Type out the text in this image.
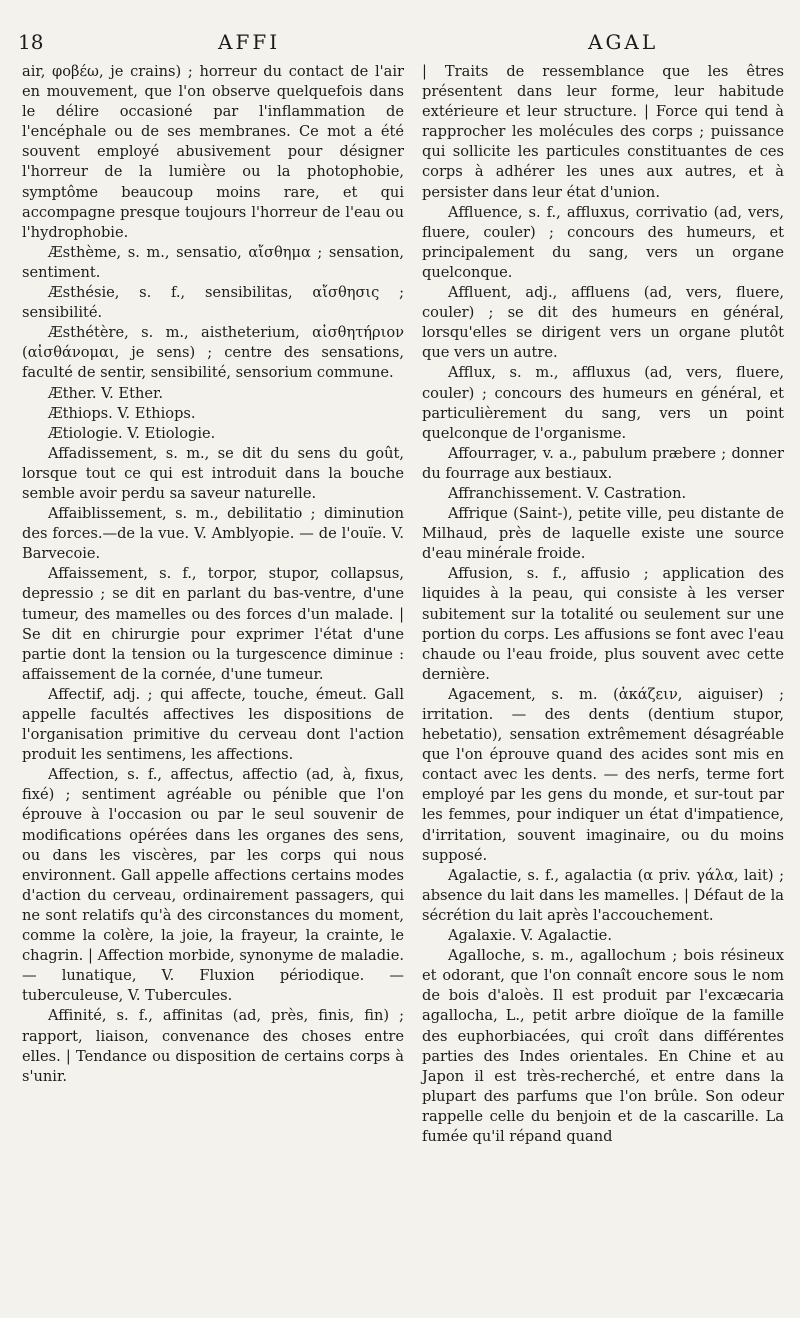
18	AFFI	AGAL

air, φοβέω, je crains) ; horreur du contact de l'air en mouvement, que l'on observe quelquefois dans le délire occasioné par l'inflammation de l'encéphale ou de ses membranes. Ce mot a été souvent employé abusivement pour désigner l'horreur de la lumière ou la photophobie, symptôme beaucoup moins rare, et qui accompagne presque toujours l'horreur de l'eau ou l'hydrophobie.

Æsthème, s. m., sensatio, αἴσθημα ; sensation, sentiment.

Æsthésie, s. f., sensibilitas, αἴσθησις ; sensibilité.

Æsthétère, s. m., aistheterium, αἰσθητήριον (αἰσθάνομαι, je sens) ; centre des sensations, faculté de sentir, sensibilité, sensorium commune.

Æther. V. Ether.

Æthiops. V. Ethiops.

Ætiologie. V. Etiologie.

Affadissement, s. m., se dit du sens du goût, lorsque tout ce qui est introduit dans la bouche semble avoir perdu sa saveur naturelle.

Affaiblissement, s. m., debilitatio ; diminution des forces.—de la vue. V. Amblyopie. — de l'ouïe. V. Barvecoie.

Affaissement, s. f., torpor, stupor, collapsus, depressio ; se dit en parlant du bas-ventre, d'une tumeur, des mamelles ou des forces d'un malade. | Se dit en chirurgie pour exprimer l'état d'une partie dont la tension ou la turgescence diminue : affaissement de la cornée, d'une tumeur.

Affectif, adj. ; qui affecte, touche, émeut. Gall appelle facultés affectives les dispositions de l'organisation primitive du cerveau dont l'action produit les sentimens, les affections.

Affection, s. f., affectus, affectio (ad, à, fixus, fixé) ; sentiment agréable ou pénible que l'on éprouve à l'occasion ou par le seul souvenir de modifications opérées dans les organes des sens, ou dans les viscères, par les corps qui nous environnent. Gall appelle affections certains modes d'action du cerveau, ordinairement passagers, qui ne sont relatifs qu'à des circonstances du moment, comme la colère, la joie, la frayeur, la crainte, le chagrin. | Affection morbide, synonyme de maladie. — lunatique, V. Fluxion périodique. — tuberculeuse, V. Tubercules.

Affinité, s. f., affinitas (ad, près, finis, fin) ; rapport, liaison, convenance des choses entre elles. | Tendance ou disposition de certains corps à s'unir.

| Traits de ressemblance que les êtres présentent dans leur forme, leur habitude extérieure et leur structure. | Force qui tend à rapprocher les molécules des corps ; puissance qui sollicite les particules constituantes de ces corps à adhérer les unes aux autres, et à persister dans leur état d'union.

Affluence, s. f., affluxus, corrivatio (ad, vers, fluere, couler) ; concours des humeurs, et principalement du sang, vers un organe quelconque.

Affluent, adj., affluens (ad, vers, fluere, couler) ; se dit des humeurs en général, lorsqu'elles se dirigent vers un organe plutôt que vers un autre.

Afflux, s. m., affluxus (ad, vers, fluere, couler) ; concours des humeurs en général, et particulièrement du sang, vers un point quelconque de l'organisme.

Affourrager, v. a., pabulum præbere ; donner du fourrage aux bestiaux.

Affranchissement. V. Castration.

Affrique (Saint-), petite ville, peu distante de Milhaud, près de laquelle existe une source d'eau minérale froide.

Affusion, s. f., affusio ; application des liquides à la peau, qui consiste à les verser subitement sur la totalité ou seulement sur une portion du corps. Les affusions se font avec l'eau chaude ou l'eau froide, plus souvent avec cette dernière.

Agacement, s. m. (ἀκάζειν, aiguiser) ; irritation. — des dents (dentium stupor, hebetatio), sensation extrêmement désagréable que l'on éprouve quand des acides sont mis en contact avec les dents. — des nerfs, terme fort employé par les gens du monde, et sur-tout par les femmes, pour indiquer un état d'impatience, d'irritation, souvent imaginaire, ou du moins supposé.

Agalactie, s. f., agalactia (α priv. γάλα, lait) ; absence du lait dans les mamelles. | Défaut de la sécrétion du lait après l'accouchement.

Agalaxie. V. Agalactie.

Agalloche, s. m., agallochum ; bois résineux et odorant, que l'on connaît encore sous le nom de bois d'aloès. Il est produit par l'excæcaria agallocha, L., petit arbre dioïque de la famille des euphorbiacées, qui croît dans différentes parties des Indes orientales. En Chine et au Japon il est très-recherché, et entre dans la plupart des parfums que l'on brûle. Son odeur rappelle celle du benjoin et de la cascarille. La fumée qu'il répand quand
